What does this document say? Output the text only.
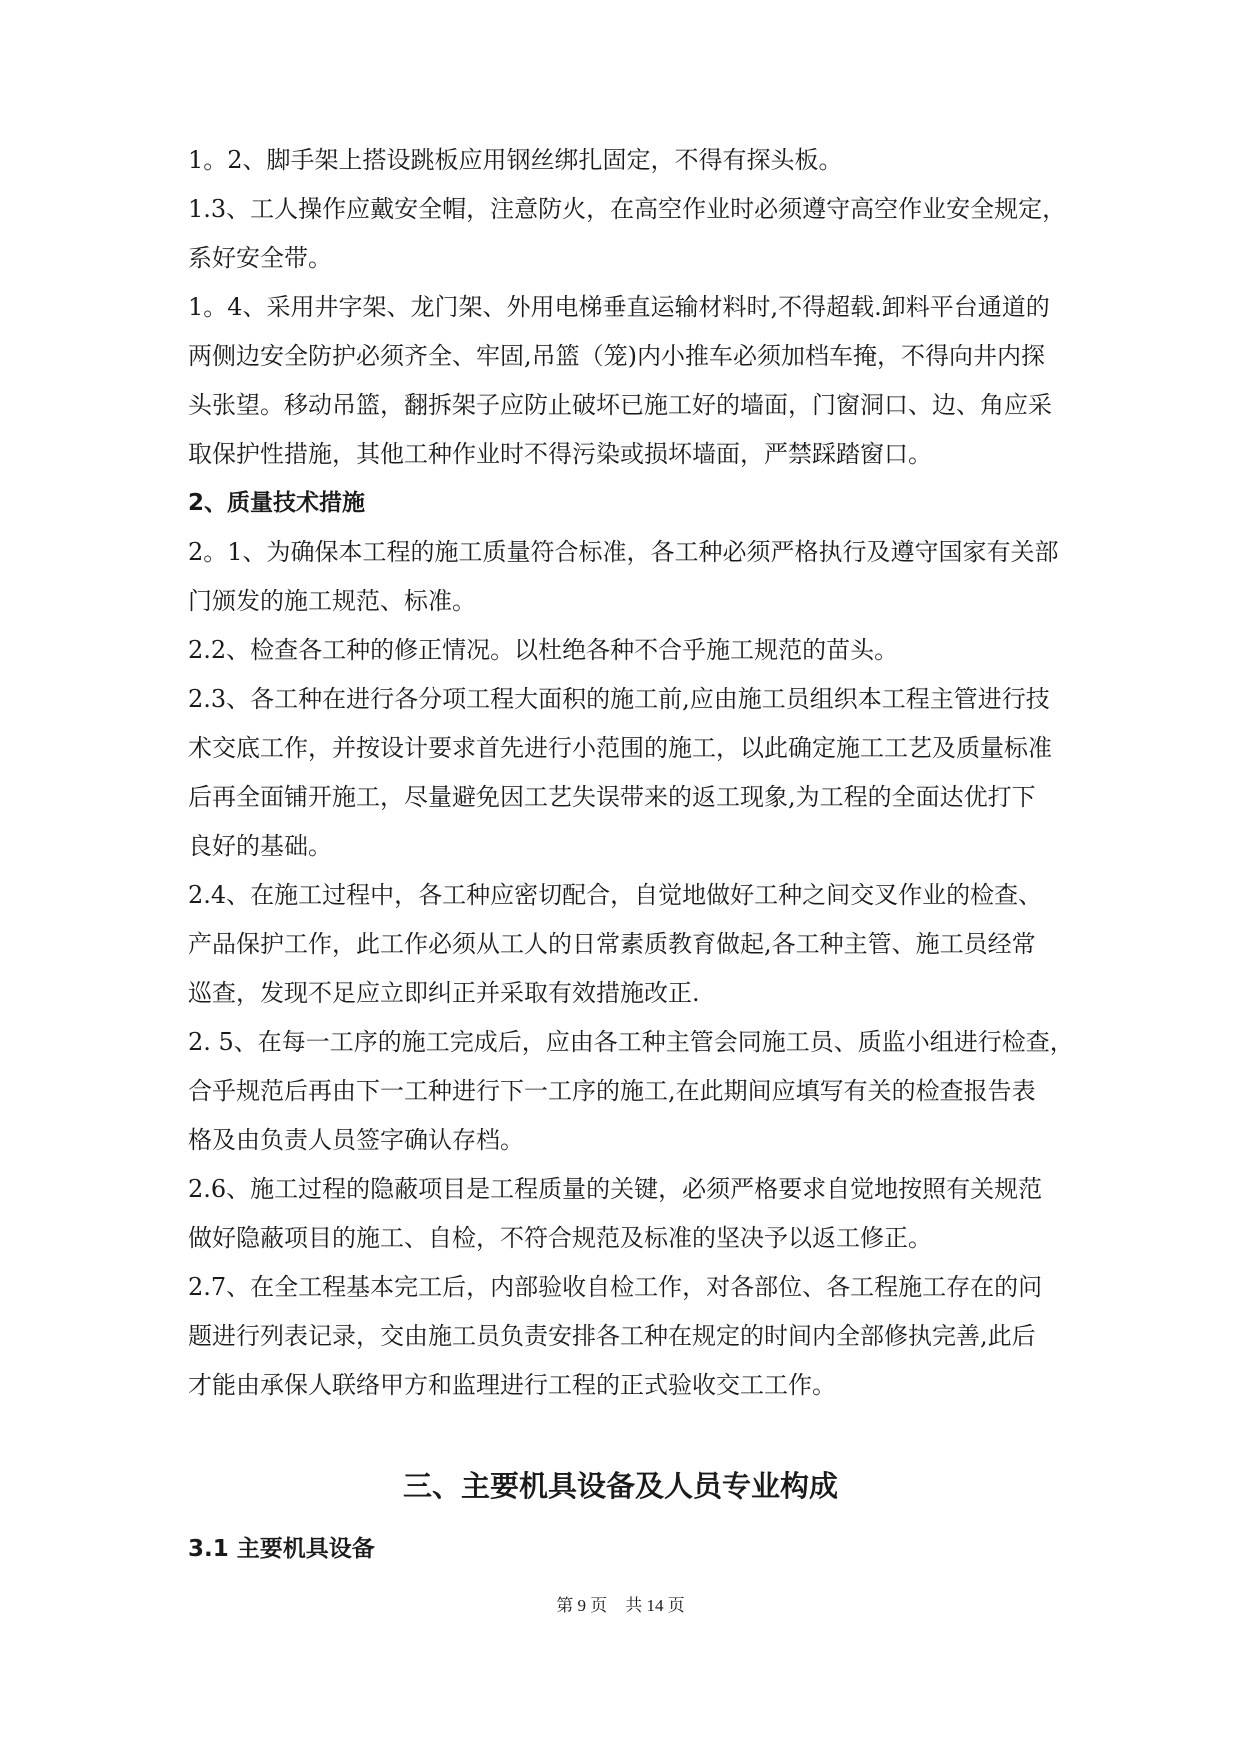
1。2、脚手架上搭设跳板应用钢丝绑扎固定，不得有探头板。
1.3、工人操作应戴安全帽，注意防火，在高空作业时必须遵守高空作业安全规定，
系好安全带。
1。4、采用井字架、龙门架、外用电梯垂直运输材料时,不得超载.卸料平台通道的
两侧边安全防护必须齐全、牢固,吊篮（笼)内小推车必须加档车掩，不得向井内探
头张望。移动吊篮，翻拆架子应防止破坏已施工好的墙面，门窗洞口、边、角应采
取保护性措施，其他工种作业时不得污染或损坏墙面，严禁踩踏窗口。
2、质量技术措施
2。1、为确保本工程的施工质量符合标准，各工种必须严格执行及遵守国家有关部
门颁发的施工规范、标准。
2.2、检查各工种的修正情况。以杜绝各种不合乎施工规范的苗头。
2.3、各工种在进行各分项工程大面积的施工前,应由施工员组织本工程主管进行技
术交底工作，并按设计要求首先进行小范围的施工，以此确定施工工艺及质量标准
后再全面铺开施工，尽量避免因工艺失误带来的返工现象,为工程的全面达优打下
良好的基础。
2.4、在施工过程中，各工种应密切配合，自觉地做好工种之间交叉作业的检查、
产品保护工作，此工作必须从工人的日常素质教育做起,各工种主管、施工员经常
巡查，发现不足应立即纠正并采取有效措施改正.
2. 5、在每一工序的施工完成后，应由各工种主管会同施工员、质监小组进行检查，
合乎规范后再由下一工种进行下一工序的施工,在此期间应填写有关的检查报告表
格及由负责人员签字确认存档。
2.6、施工过程的隐蔽项目是工程质量的关键，必须严格要求自觉地按照有关规范
做好隐蔽项目的施工、自检，不符合规范及标准的坚决予以返工修正。
2.7、在全工程基本完工后，内部验收自检工作，对各部位、各工程施工存在的问
题进行列表记录，交由施工员负责安排各工种在规定的时间内全部修执完善,此后
才能由承保人联络甲方和监理进行工程的正式验收交工工作。
三、主要机具设备及人员专业构成
3.1 主要机具设备
第 9 页 共 14 页
